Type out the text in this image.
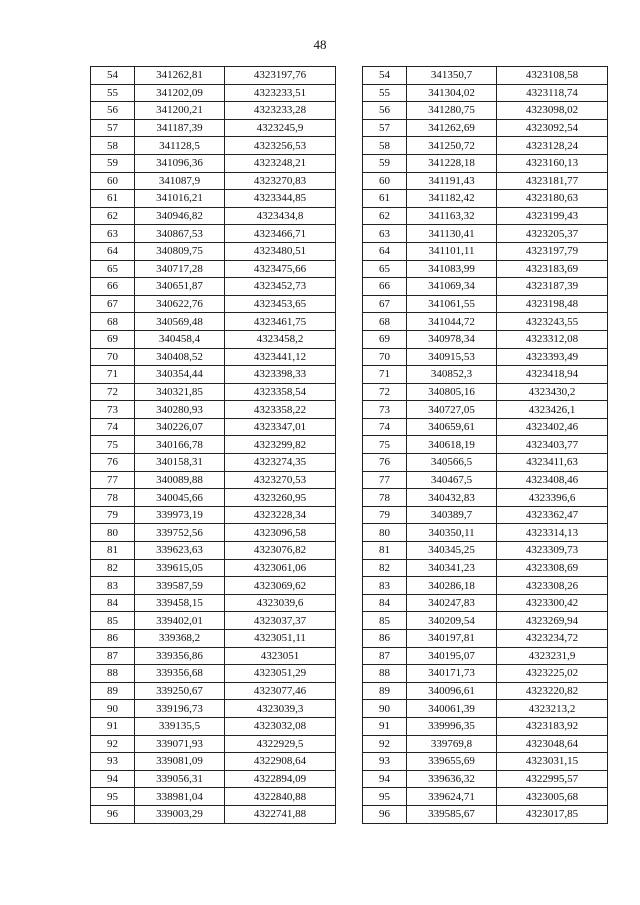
48
54	341262,81	4323197,76
55	341202,09	4323233,51
56	341200,21	4323233,28
57	341187,39	4323245,9
58	341128,5	4323256,53
59	341096,36	4323248,21
60	341087,9	4323270,83
61	341016,21	4323344,85
62	340946,82	4323434,8
63	340867,53	4323466,71
64	340809,75	4323480,51
65	340717,28	4323475,66
66	340651,87	4323452,73
67	340622,76	4323453,65
68	340569,48	4323461,75
69	340458,4	4323458,2
70	340408,52	4323441,12
71	340354,44	4323398,33
72	340321,85	4323358,54
73	340280,93	4323358,22
74	340226,07	4323347,01
75	340166,78	4323299,82
76	340158,31	4323274,35
77	340089,88	4323270,53
78	340045,66	4323260,95
79	339973,19	4323228,34
80	339752,56	4323096,58
81	339623,63	4323076,82
82	339615,05	4323061,06
83	339587,59	4323069,62
84	339458,15	4323039,6
85	339402,01	4323037,37
86	339368,2	4323051,11
87	339356,86	4323051
88	339356,68	4323051,29
89	339250,67	4323077,46
90	339196,73	4323039,3
91	339135,5	4323032,08
92	339071,93	4322929,5
93	339081,09	4322908,64
94	339056,31	4322894,09
95	338981,04	4322840,88
96	339003,29	4322741,88
54	341350,7	4323108,58
55	341304,02	4323118,74
56	341280,75	4323098,02
57	341262,69	4323092,54
58	341250,72	4323128,24
59	341228,18	4323160,13
60	341191,43	4323181,77
61	341182,42	4323180,63
62	341163,32	4323199,43
63	341130,41	4323205,37
64	341101,11	4323197,79
65	341083,99	4323183,69
66	341069,34	4323187,39
67	341061,55	4323198,48
68	341044,72	4323243,55
69	340978,34	4323312,08
70	340915,53	4323393,49
71	340852,3	4323418,94
72	340805,16	4323430,2
73	340727,05	4323426,1
74	340659,61	4323402,46
75	340618,19	4323403,77
76	340566,5	4323411,63
77	340467,5	4323408,46
78	340432,83	4323396,6
79	340389,7	4323362,47
80	340350,11	4323314,13
81	340345,25	4323309,73
82	340341,23	4323308,69
83	340286,18	4323308,26
84	340247,83	4323300,42
85	340209,54	4323269,94
86	340197,81	4323234,72
87	340195,07	4323231,9
88	340171,73	4323225,02
89	340096,61	4323220,82
90	340061,39	4323213,2
91	339996,35	4323183,92
92	339769,8	4323048,64
93	339655,69	4323031,15
94	339636,32	4322995,57
95	339624,71	4323005,68
96	339585,67	4323017,85
